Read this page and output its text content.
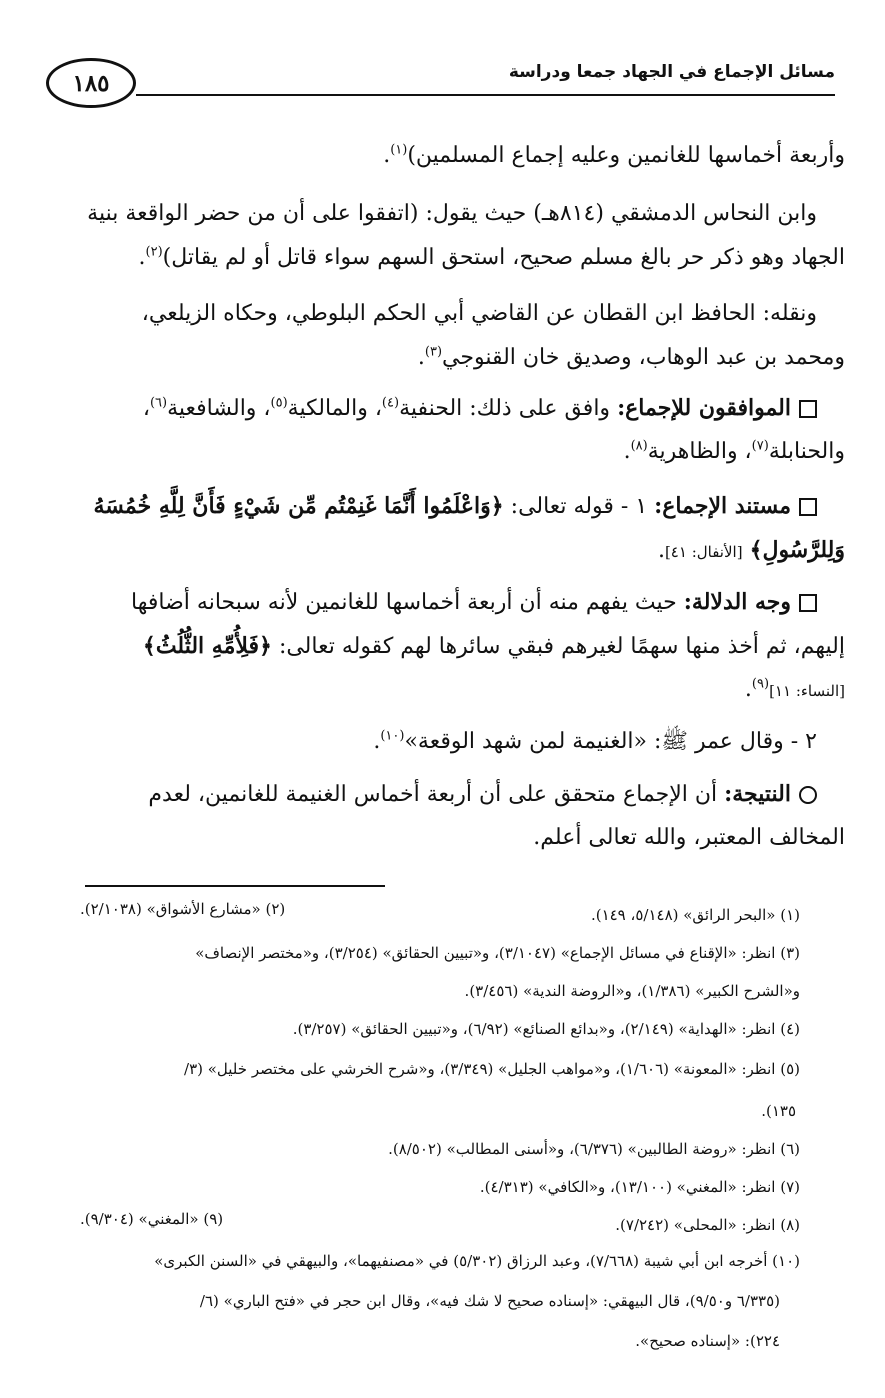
مسائل الإجماع في الجهاد جمعا ودراسة
١٨٥
وأربعة أخماسها للغانمين وعليه إجماع المسلمين)$^{(١)}$.
وابن النحاس الدمشقي (٨١٤هـ) حيث يقول: (اتفقوا على أن من حضر الواقعة بنية
الجهاد وهو ذكر حر بالغ مسلم صحيح، استحق السهم سواء قاتل أو لم يقاتل)$^{(٢)}$.
ونقله: الحافظ ابن القطان عن القاضي أبي الحكم البلوطي، وحكاه الزيلعي،
ومحمد بن عبد الوهاب، وصديق خان القنوجي$^{(٣)}$.
الموافقون للإجماع: وافق على ذلك: الحنفية$^{(٤)}$، والمالكية$^{(٥)}$، والشافعية$^{(٦)}$،
والحنابلة$^{(٧)}$، والظاهرية$^{(٨)}$.
مستند الإجماع: ١ - قوله تعالى: ﴿وَاعْلَمُوا أَنَّمَا غَنِمْتُم مِّن شَيْءٍ فَأَنَّ لِلَّهِ خُمُسَهُ
وَلِلرَّسُولِ﴾ [الأنفال: ٤١].
وجه الدلالة: حيث يفهم منه أن أربعة أخماسها للغانمين لأنه سبحانه أضافها
إليهم، ثم أخذ منها سهمًا لغيرهم فبقي سائرها لهم كقوله تعالى: ﴿فَلِأُمِّهِ الثُّلُثُ﴾
[النساء: ١١]$^{(٩)}$.
٢ - وقال عمر ﷺ: «الغنيمة لمن شهد الوقعة»$^{(١٠)}$.
النتيجة: أن الإجماع متحقق على أن أربعة أخماس الغنيمة للغانمين، لعدم
المخالف المعتبر، والله تعالى أعلم.
(١) «البحر الرائق» (٥/١٤٨، ١٤٩).
(٢) «مشارع الأشواق» (٢/١٠٣٨).
(٣) انظر: «الإقناع في مسائل الإجماع» (٣/١٠٤٧)، و«تبيين الحقائق» (٣/٢٥٤)، و«مختصر الإنصاف»
و«الشرح الكبير» (١/٣٨٦)، و«الروضة الندية» (٣/٤٥٦).
(٤) انظر: «الهداية» (٢/١٤٩)، و«بدائع الصنائع» (٦/٩٢)، و«تبيين الحقائق» (٣/٢٥٧).
(٥) انظر: «المعونة» (١/٦٠٦)، و«مواهب الجليل» (٣/٣٤٩)، و«شرح الخرشي على مختصر خليل» (٣/
١٣٥).
(٦) انظر: «روضة الطالبين» (٦/٣٧٦)، و«أسنى المطالب» (٨/٥٠٢).
(٧) انظر: «المغني» (١٣/١٠٠)، و«الكافي» (٤/٣١٣).
(٨) انظر: «المحلى» (٧/٢٤٢).
(٩) «المغني» (٩/٣٠٤).
(١٠) أخرجه ابن أبي شيبة (٧/٦٦٨)، وعبد الرزاق (٥/٣٠٢) في «مصنفيهما»، والبيهقي في «السنن الكبرى»
(٦/٣٣٥ و٩/٥٠)، قال البيهقي: «إسناده صحيح لا شك فيه»، وقال ابن حجر في «فتح الباري» (٦/
٢٢٤): «إسناده صحيح».
